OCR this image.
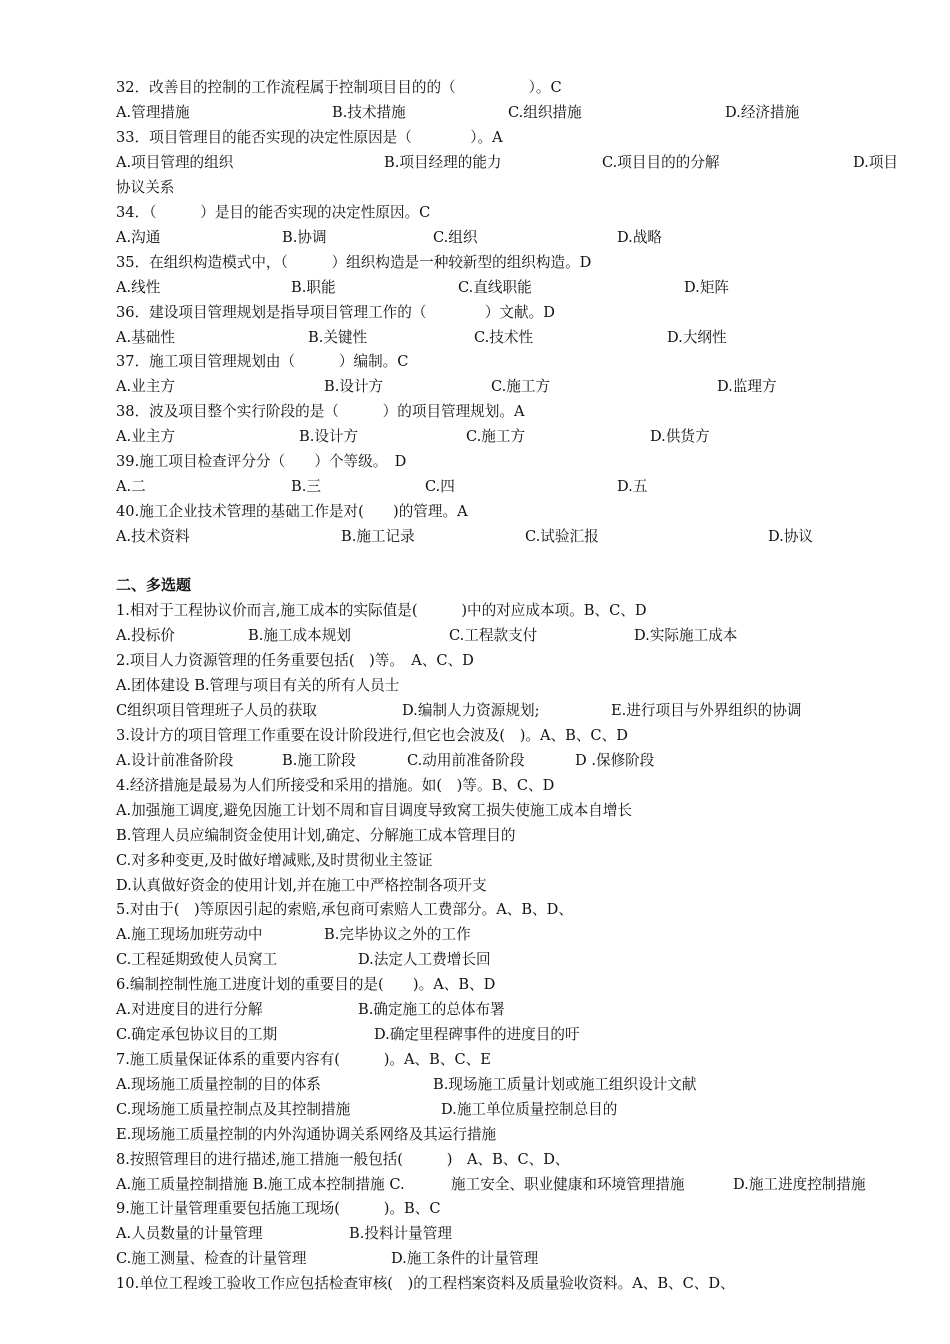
32．改善目的控制的工作流程属于控制项目目的的（　　　　　）。C
A.管理措施	B.技术措施	C.组织措施	D.经济措施
33．项目管理目的能否实现的决定性原因是（　　　　）。A
A.项目管理的组织	B.项目经理的能力	C.项目目的的分解	D.项目
协议关系
34．（　　　）是目的能否实现的决定性原因。C
A.沟通	B.协调	C.组织	D.战略
35．在组织构造模式中，（　　　）组织构造是一种较新型的组织构造。D
A.线性	B.职能	C.直线职能	D.矩阵
36．建设项目管理规划是指导项目管理工作的（　　　　）文献。D
A.基础性	B.关键性	C.技术性	D.大纲性
37．施工项目管理规划由（　　　）编制。C
A.业主方	B.设计方	C.施工方	D.监理方
38．波及项目整个实行阶段的是（　　　）的项目管理规划。A
A.业主方	B.设计方	C.施工方	D.供货方
39.施工项目检查评分分（　　）个等级。　D
A.二	B.三	C.四	D.五
40.施工企业技术管理的基础工作是对(　　)的管理。A
A.技术资料	B.施工记录	C.试验汇报	D.协议
二、多选题
1.相对于工程协议价而言,施工成本的实际值是(　　　)中的对应成本项。B、C、D
A.投标价	B.施工成本规划	C.工程款支付	D.实际施工成本
2.项目人力资源管理的任务重要包括(　)等。　A、C、D
A.团体建设 B.管理与项目有关的所有人员士
C组织项目管理班子人员的获取	D.编制人力资源规划;	E.进行项目与外界组织的协调
3.设计方的项目管理工作重要在设计阶段进行,但它也会波及(　)。A、B、C、D
A.设计前准备阶段	B.施工阶段	C.动用前准备阶段	D .保修阶段
4.经济措施是最易为人们所接受和采用的措施。如(　)等。B、C、D
A.加强施工调度,避免因施工计划不周和盲目调度导致窝工损失使施工成本自增长
B.管理人员应编制资金使用计划,确定、分解施工成本管理目的
C.对多种变更,及时做好增减账,及时贯彻业主签证
D.认真做好资金的使用计划,并在施工中严格控制各项开支
5.对由于(　)等原因引起的索赔,承包商可索赔人工费部分。A、B、D、
A.施工现场加班劳动中	B.完毕协议之外的工作
C.工程延期致使人员窝工	D.法定人工费增长回
6.编制控制性施工进度计划的重要目的是(　　)。A、B、D
A.对进度目的进行分解	B.确定施工的总体布署
C.确定承包协议目的工期	D.确定里程碑事件的进度目的吁
7.施工质量保证体系的重要内容有(　　　)。A、B、C、E
A.现场施工质量控制的目的体系	B.现场施工质量计划或施工组织设计文献
C.现场施工质量控制点及其控制措施	D.施工单位质量控制总目的
E.现场施工质量控制的内外沟通协调关系网络及其运行措施
8.按照管理目的进行描述,施工措施一般包括(　　　)　A、B、C、D、
A.施工质量控制措施 B.施工成本控制措施 C.	施工安全、职业健康和环境管理措施	D.施工进度控制措施
9.施工计量管理重要包括施工现场(　　　)。B、C
A.人员数量的计量管理	B.投料计量管理
C.施工测量、检查的计量管理	D.施工条件的计量管理
10.单位工程竣工验收工作应包括检查审核(　)的工程档案资料及质量验收资料。A、B、C、D、
